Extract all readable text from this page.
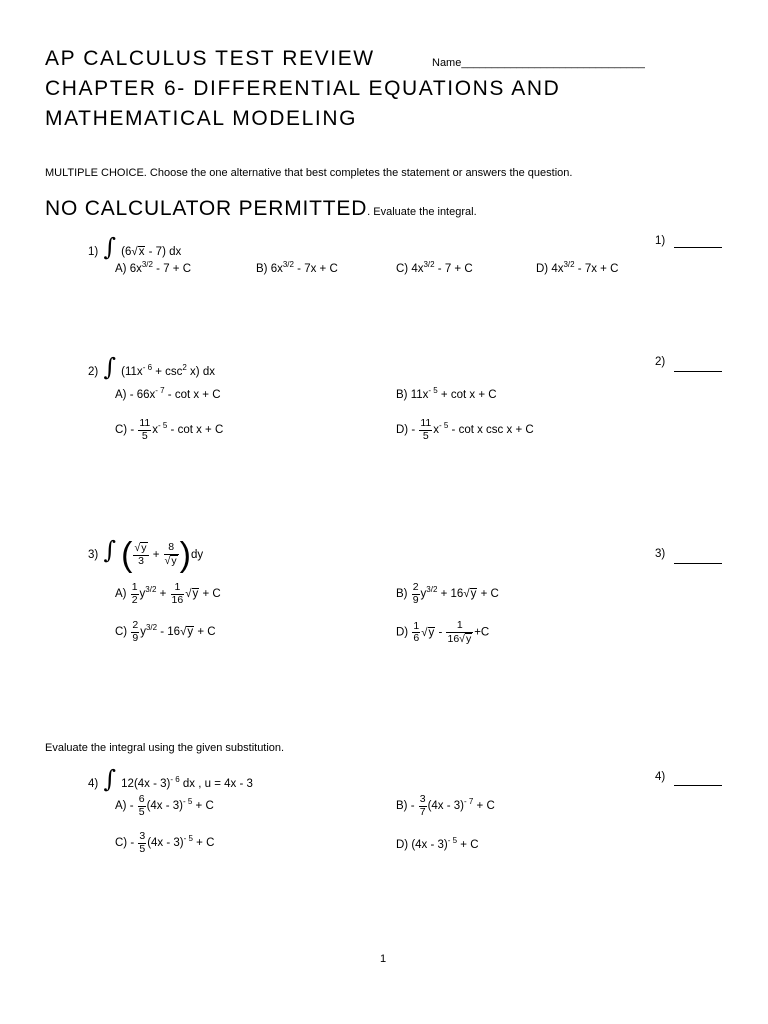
AP CALCULUS TEST REVIEW	Name______________________________
CHAPTER 6- DIFFERENTIAL EQUATIONS AND
MATHEMATICAL MODELING
MULTIPLE CHOICE. Choose the one alternative that best completes the statement or answers the question.
NO CALCULATOR PERMITTED. Evaluate the integral.
1) ∫ (6√x - 7) dx
1)
A) $6x^{3/2} - 7 + C$	B) $6x^{3/2} - 7x + C$	C) $4x^{3/2} - 7 + C$	D) $4x^{3/2} - 7x + C$
2) ∫ $(11x^{- 6} + \csc^2 x)$ dx
2)
$A) - 66x^{- 7} - \cot x + C$	B) $11x^{- 5} + \cot x + C$
$C) - \frac{11}{5} x^{- 5} - \cot x + C$	$D) - \frac{11}{5} x^{- 5}$ - cot x csc x + C
3) ∫ ( $\frac{√y}{3} + \frac{8}{√y} )dy$	3)
$A) \frac{1}{2} y^{3/2} + \frac{1}{16} √y + C$	$B) \frac{2}{9} y^{3/2} + 16√y + C$
$C) \frac{2}{9} y^{3/2} - 16√y + C$	$D) \frac{1}{6} √y - \frac{1}{16√y} +C$
Evaluate the integral using the given substitution.
4) ∫ 12(4x - 3)$^{- 6}$ dx , u = 4x - 3
4)
$A) - \frac{6}{5} (4x - 3)^{- 5} + C$	$B) - \frac{3}{7} (4x - 3)^{- 7} + C$
$C) - \frac{3}{5} (4x - 3)^{- 5} + C$	D) (4x - 3)$^{- 5}$ + C
1
